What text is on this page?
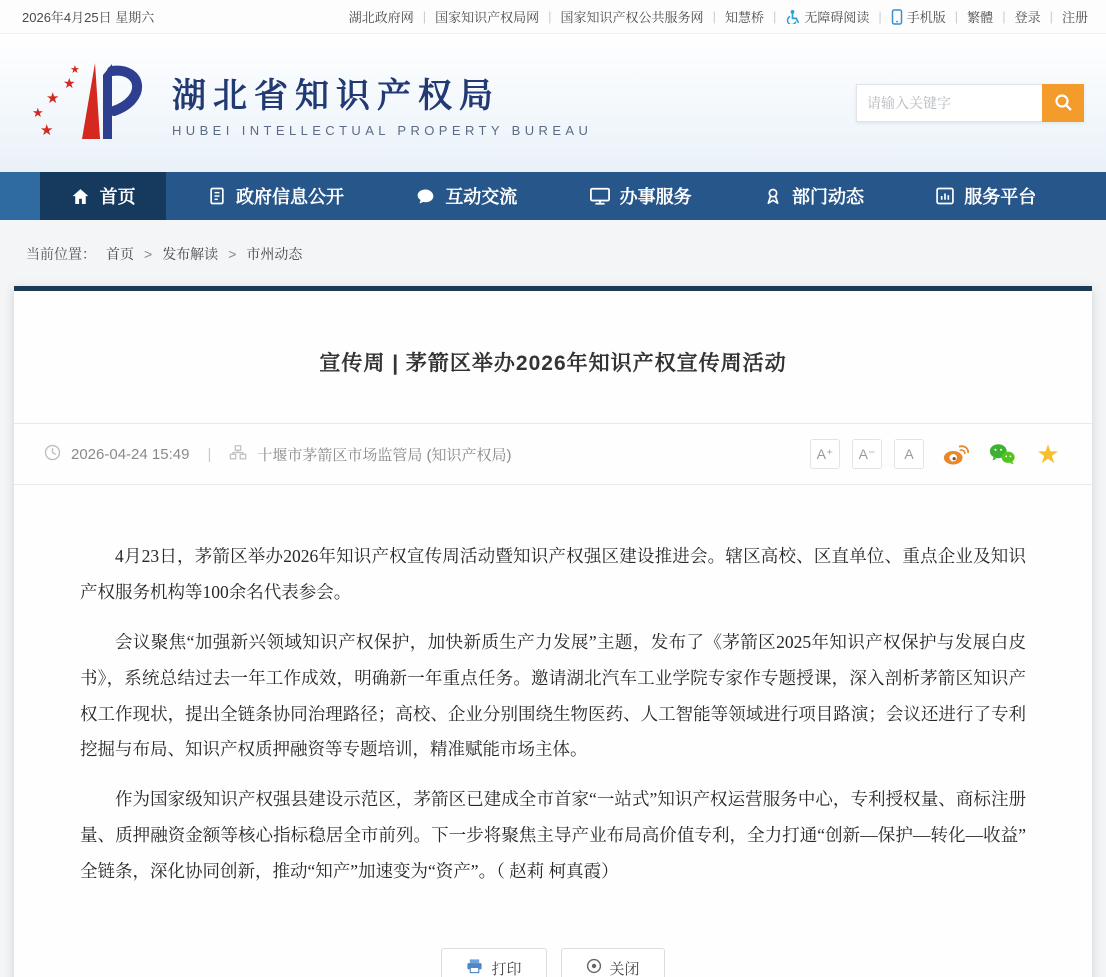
2026年4月25日 星期六	湖北政府网 | 国家知识产权局网 | 国家知识产权公共服务网 | 知慧桥 | 无障碍阅读 | 手机版 | 繁體 | 登录 | 注册
★
★
★
★
★
湖北省知识产权局
HUBEI INTELLECTUAL PROPERTY BUREAU
请输入关键字
首页	政府信息公开	互动交流	办事服务	部门动态	服务平台
当前位置： 首页 > 发布解读 > 市州动态
宣传周 | 茅箭区举办2026年知识产权宣传周活动
2026-04-24 15:49 |	十堰市茅箭区市场监管局 (知识产权局)	A⁺	A⁻	A	★

4月23日，茅箭区举办2026年知识产权宣传周活动暨知识产权强区建设推进会。辖区高校、区直单位、重点企业及知识产权服务机构等100余名代表参会。

会议聚焦“加强新兴领域知识产权保护，加快新质生产力发展”主题，发布了《茅箭区2025年知识产权保护与发展白皮书》，系统总结过去一年工作成效，明确新一年重点任务。邀请湖北汽车工业学院专家作专题授课，深入剖析茅箭区知识产权工作现状，提出全链条协同治理路径；高校、企业分别围绕生物医药、人工智能等领域进行项目路演；会议还进行了专利挖掘与布局、知识产权质押融资等专题培训，精准赋能市场主体。

作为国家级知识产权强县建设示范区，茅箭区已建成全市首家“一站式”知识产权运营服务中心，专利授权量、商标注册量、质押融资金额等核心指标稳居全市前列。下一步将聚焦主导产业布局高价值专利，全力打通“创新—保护—转化—收益”全链条，深化协同创新，推动“知产”加速变为“资产”。（ 赵莉 柯真霞）

打印	关闭
